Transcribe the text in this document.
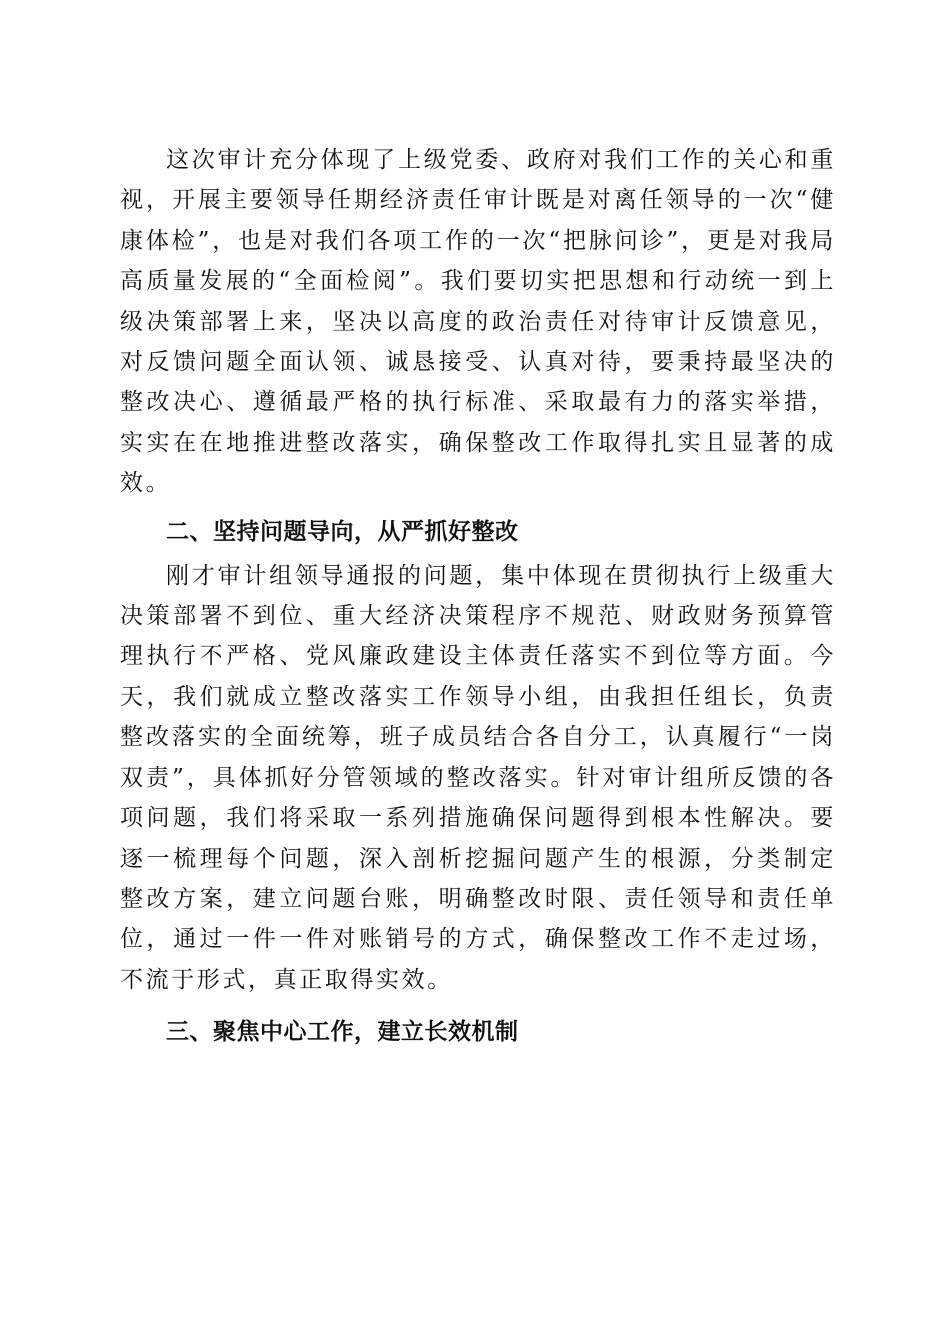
这次审计充分体现了上级党委、政府对我们工作的关心和重视，开展主要领导任期经济责任审计既是对离任领导的一次“健康体检”，也是对我们各项工作的一次“把脉问诊”，更是对我局高质量发展的“全面检阅”。我们要切实把思想和行动统一到上级决策部署上来，坚决以高度的政治责任对待审计反馈意见，对反馈问题全面认领、诚恳接受、认真对待，要秉持最坚决的整改决心、遵循最严格的执行标准、采取最有力的落实举措，实实在在地推进整改落实，确保整改工作取得扎实且显著的成效。

二、坚持问题导向，从严抓好整改

刚才审计组领导通报的问题，集中体现在贯彻执行上级重大决策部署不到位、重大经济决策程序不规范、财政财务预算管理执行不严格、党风廉政建设主体责任落实不到位等方面。今天，我们就成立整改落实工作领导小组，由我担任组长，负责整改落实的全面统筹，班子成员结合各自分工，认真履行“一岗双责”，具体抓好分管领域的整改落实。针对审计组所反馈的各项问题，我们将采取一系列措施确保问题得到根本性解决。要逐一梳理每个问题，深入剖析挖掘问题产生的根源，分类制定整改方案，建立问题台账，明确整改时限、责任领导和责任单位，通过一件一件对账销号的方式，确保整改工作不走过场，不流于形式，真正取得实效。

三、聚焦中心工作，建立长效机制
